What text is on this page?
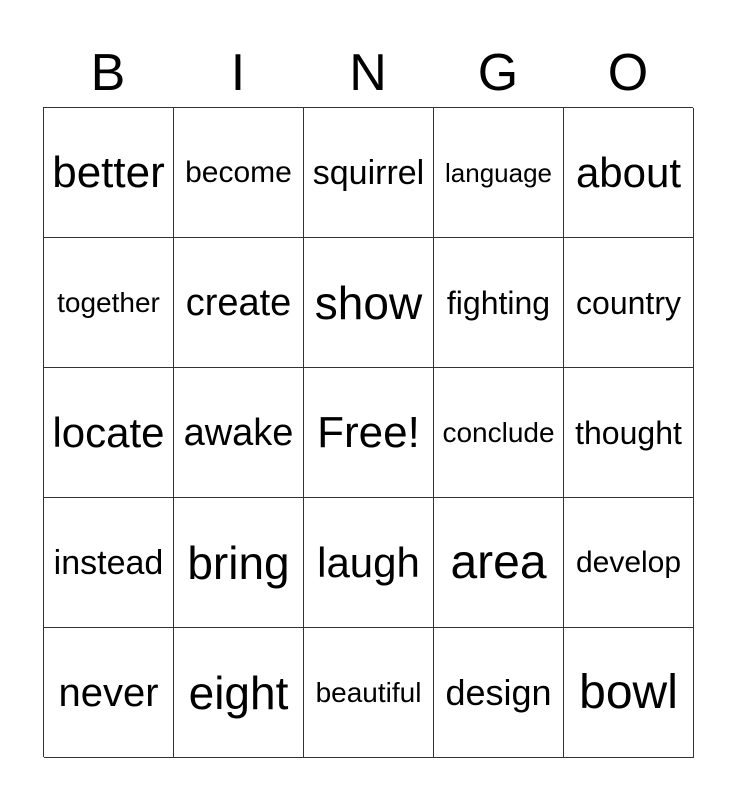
B	I	N	G	O
better become squirrel language about
together create show fighting country
locate awake Free! conclude thought
instead bring laugh area develop
never eight beautiful design bowl
